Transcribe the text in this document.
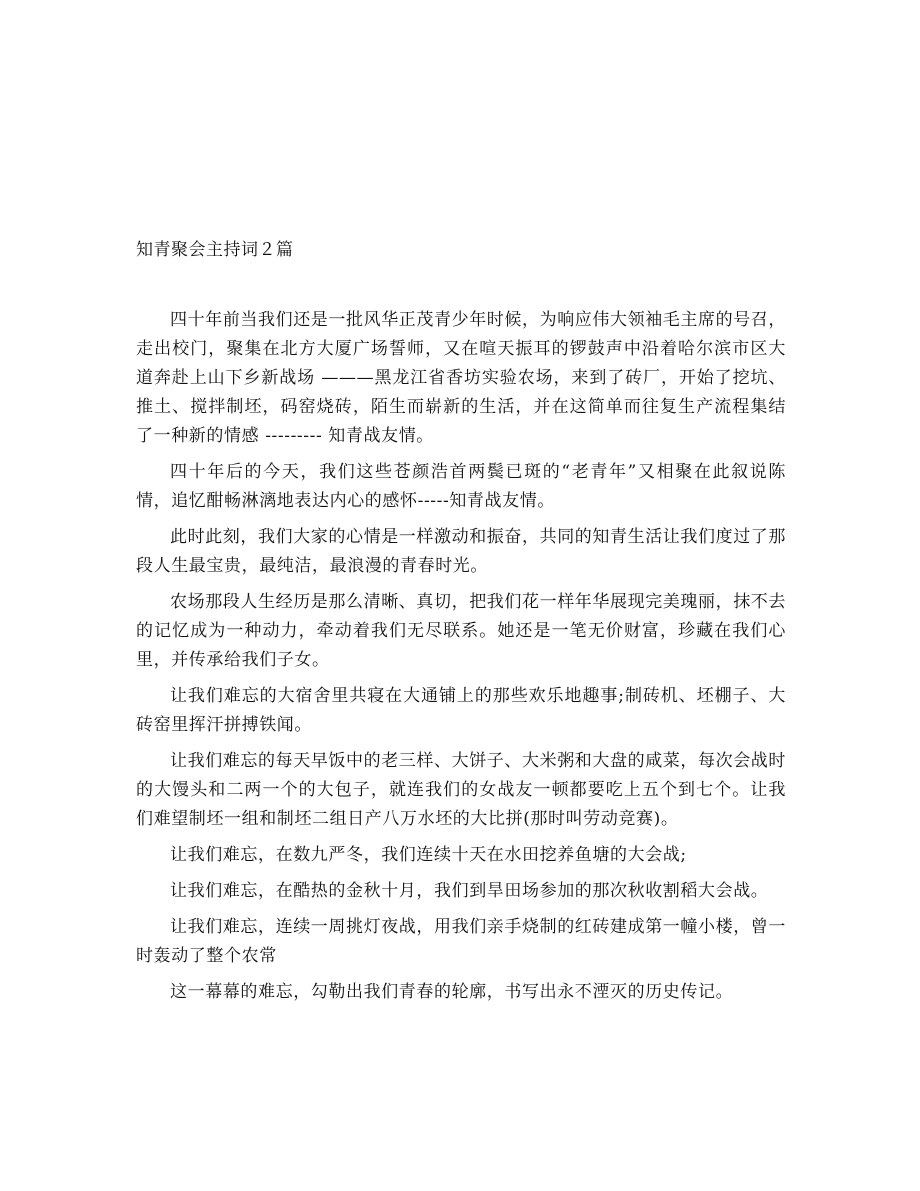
知青聚会主持词２篇

四十年前当我们还是一批风华正茂青少年时候，为响应伟大领袖毛主席的号召，走出校门，聚集在北方大厦广场誓师，又在喧天振耳的锣鼓声中沿着哈尔滨市区大道奔赴上山下乡新战场 ———黑龙江省香坊实验农场，来到了砖厂，开始了挖坑、推土、搅拌制坯，码窑烧砖，陌生而崭新的生活，并在这简单而往复生产流程集结了一种新的情感 --------- 知青战友情。

四十年后的今天，我们这些苍颜浩首两鬓已斑的“老青年”又相聚在此叙说陈情，追忆酣畅淋漓地表达内心的感怀-----知青战友情。

此时此刻，我们大家的心情是一样激动和振奋，共同的知青生活让我们度过了那段人生最宝贵，最纯洁，最浪漫的青春时光。

农场那段人生经历是那么清晰、真切，把我们花一样年华展现完美瑰丽，抹不去的记忆成为一种动力，牵动着我们无尽联系。她还是一笔无价财富，珍藏在我们心里，并传承给我们子女。

让我们难忘的大宿舍里共寝在大通铺上的那些欢乐地趣事;制砖机、坯棚子、大砖窑里挥汗拼搏铁闻。

让我们难忘的每天早饭中的老三样、大饼子、大米粥和大盘的咸菜，每次会战时的大馒头和二两一个的大包子，就连我们的女战友一顿都要吃上五个到七个。让我们难望制坯一组和制坯二组日产八万水坯的大比拼(那时叫劳动竞赛)。

让我们难忘，在数九严冬，我们连续十天在水田挖养鱼塘的大会战;

让我们难忘，在酷热的金秋十月，我们到旱田场参加的那次秋收割稻大会战。

让我们难忘，连续一周挑灯夜战，用我们亲手烧制的红砖建成第一幢小楼，曾一时轰动了整个农常

这一幕幕的难忘，勾勒出我们青春的轮廓，书写出永不湮灭的历史传记。
